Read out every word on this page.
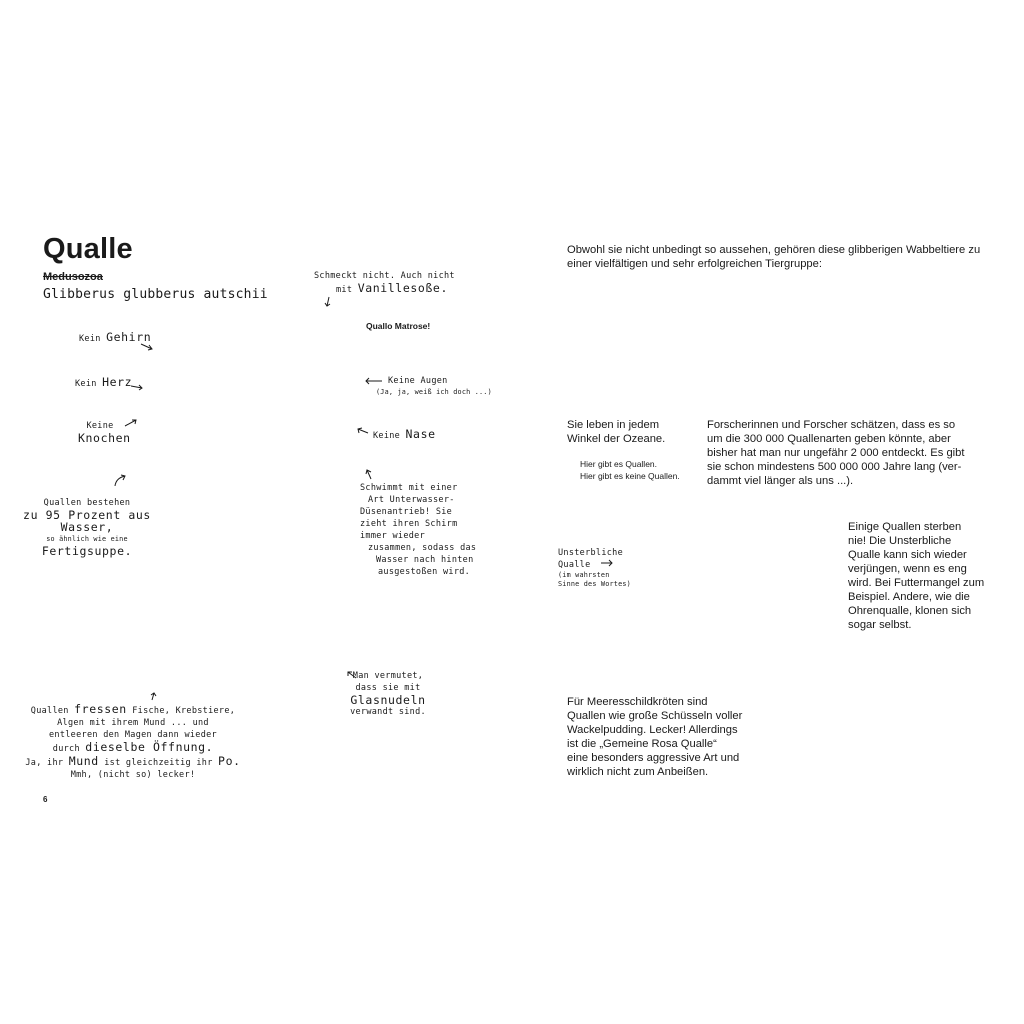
Qualle
Medusozoa
Glibberus glubberus autschii
Kein Gehirn
Kein Herz
Keine
Knochen
Quallen bestehen
zu 95 Prozent aus
Wasser,
so ähnlich wie eine
Fertigsuppe.
Schmeckt nicht. Auch nicht
mit Vanillesoße.
Quallo Matrose!
Keine Augen
(Ja, ja, weiß ich doch ...)
Keine Nase
Schwimmt mit einer
Art Unterwasser-
Düsenantrieb! Sie
zieht ihren Schirm
immer wieder
zusammen, sodass das
Wasser nach hinten
ausgestoßen wird.
Man vermutet,
dass sie mit
Glasnudeln
verwandt sind.
Quallen fressen Fische, Krebstiere,
Algen mit ihrem Mund ... und
entleeren den Magen dann wieder
durch dieselbe Öffnung.
Ja, ihr Mund ist gleichzeitig ihr Po.
Mmh, (nicht so) lecker!
6
Obwohl sie nicht unbedingt so aussehen, gehören diese glibberigen Wabbeltiere zu einer vielfältigen und sehr erfolgreichen Tiergruppe:
Sie leben in jedem
Winkel der Ozeane.
Hier gibt es Quallen.
Hier gibt es keine Quallen.
Forscherinnen und Forscher schätzen, dass es so
um die 300 000 Quallenarten geben könnte, aber
bisher hat man nur ungefähr 2 000 entdeckt. Es gibt
sie schon mindestens 500 000 000 Jahre lang (ver-
dammt viel länger als uns ...).
Einige Quallen sterben
nie! Die Unsterbliche
Qualle kann sich wieder
verjüngen, wenn es eng
wird. Bei Futtermangel zum
Beispiel. Andere, wie die
Ohrenqualle, klonen sich
sogar selbst.
Unsterbliche
Qualle
(im wahrsten
Sinne des Wortes)
Für Meeresschildkröten sind
Quallen wie große Schüsseln voller
Wackelpudding. Lecker! Allerdings
ist die „Gemeine Rosa Qualle“
eine besonders aggressive Art und
wirklich nicht zum Anbeißen.
